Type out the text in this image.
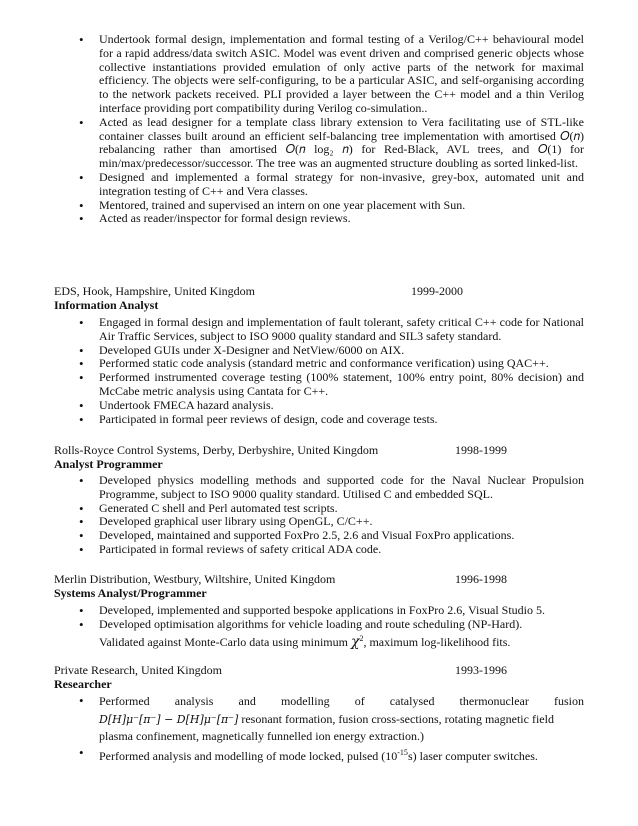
• Undertook formal design, implementation and formal testing of a Verilog/C++ behavioural model for a rapid address/data switch ASIC. Model was event driven and comprised generic objects whose collective instantiations provided emulation of only active parts of the network for maximal efficiency. The objects were self-configuring, to be a particular ASIC, and self-organising according to the network packets received. PLI provided a layer between the C++ model and a thin Verilog interface providing port compatibility during Verilog co-simulation..
• Acted as lead designer for a template class library extension to Vera facilitating use of STL-like container classes built around an efficient self-balancing tree implementation with amortised 𝑂(𝑛) rebalancing rather than amortised 𝑂(𝑛 log₂ 𝑛) for Red-Black, AVL trees, and 𝑂(1) for min/max/predecessor/successor. The tree was an augmented structure doubling as sorted linked-list.
• Designed and implemented a formal strategy for non-invasive, grey-box, automated unit and integration testing of C++ and Vera classes.
• Mentored, trained and supervised an intern on one year placement with Sun.
• Acted as reader/inspector for formal design reviews.
EDS, Hook, Hampshire, United Kingdom	1999-2000
Information Analyst
• Engaged in formal design and implementation of fault tolerant, safety critical C++ code for National Air Traffic Services, subject to ISO 9000 quality standard and SIL3 safety standard.
• Developed GUIs under X-Designer and NetView/6000 on AIX.
• Performed static code analysis (standard metric and conformance verification) using QAC++.
• Performed instrumented coverage testing (100% statement, 100% entry point, 80% decision) and McCabe metric analysis using Cantata for C++.
• Undertook FMECA hazard analysis.
• Participated in formal peer reviews of design, code and coverage tests.
Rolls-Royce Control Systems, Derby, Derbyshire, United Kingdom	1998-1999
Analyst Programmer
• Developed physics modelling methods and supported code for the Naval Nuclear Propulsion Programme, subject to ISO 9000 quality standard. Utilised C and embedded SQL.
• Generated C shell and Perl automated test scripts.
• Developed graphical user library using OpenGL, C/C++.
• Developed, maintained and supported FoxPro 2.5, 2.6 and Visual FoxPro applications.
• Participated in formal reviews of safety critical ADA code.
Merlin Distribution, Westbury, Wiltshire, United Kingdom	1996-1998
Systems Analyst/Programmer
• Developed, implemented and supported bespoke applications in FoxPro 2.6, Visual Studio 5.
• Developed optimisation algorithms for vehicle loading and route scheduling (NP-Hard).
Validated against Monte-Carlo data using minimum $\chi^2$, maximum log-likelihood fits.
Private Research, United Kingdom	1993-1996
Researcher
• Performed analysis and modelling of catalysed thermonuclear fusion
D[H]μ⁻[π⁻] − D[H]μ⁻[π⁻] resonant formation, fusion cross-sections, rotating magnetic field
plasma confinement, magnetically funnelled ion energy extraction.)
• Performed analysis and modelling of mode locked, pulsed $(10^{-15}s)$ laser computer switches.
